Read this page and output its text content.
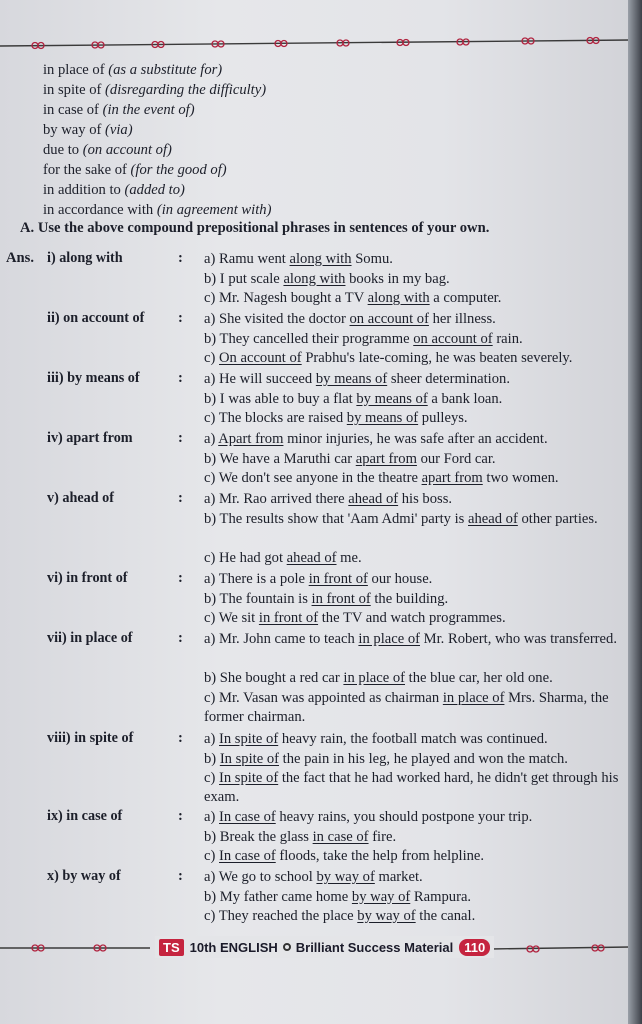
in place of (as a substitute for)
in spite of (disregarding the difficulty)
in case of (in the event of)
by way of (via)
due to (on account of)
for the sake of (for the good of)
in addition to (added to)
in accordance with (in agreement with)
A. Use the above compound prepositional phrases in sentences of your own.
Ans. i) along with	: a) Ramu went along with Somu.
b) I put scale along with books in my bag.
c) Mr. Nagesh bought a TV along with a computer.
ii) on account of	: a) She visited the doctor on account of her illness.
b) They cancelled their programme on account of rain.
c) On account of Prabhu's late-coming, he was beaten severely.
iii) by means of	: a) He will succeed by means of sheer determination.
b) I was able to buy a flat by means of a bank loan.
c) The blocks are raised by means of pulleys.
iv) apart from	: a) Apart from minor injuries, he was safe after an accident.
b) We have a Maruthi car apart from our Ford car.
c) We don't see anyone in the theatre apart from two women.
v) ahead of	: a) Mr. Rao arrived there ahead of his boss.
b) The results show that 'Aam Admi' party is ahead of other parties.
c) He had got ahead of me.
vi) in front of	: a) There is a pole in front of our house.
b) The fountain is in front of the building.
c) We sit in front of the TV and watch programmes.
vii) in place of	: a) Mr. John came to teach in place of Mr. Robert, who was transferred.
b) She bought a red car in place of the blue car, her old one.
c) Mr. Vasan was appointed as chairman in place of Mrs. Sharma, the former chairman.
viii) in spite of	: a) In spite of heavy rain, the football match was continued.
b) In spite of the pain in his leg, he played and won the match.
c) In spite of the fact that he had worked hard, he didn't get through his exam.
ix) in case of	: a) In case of heavy rains, you should postpone your trip.
b) Break the glass in case of fire.
c) In case of floods, take the help from helpline.
x) by way of	: a) We go to school by way of market.
b) My father came home by way of Rampura.
c) They reached the place by way of the canal.
TS 10th ENGLISH Brilliant Success Material 110
